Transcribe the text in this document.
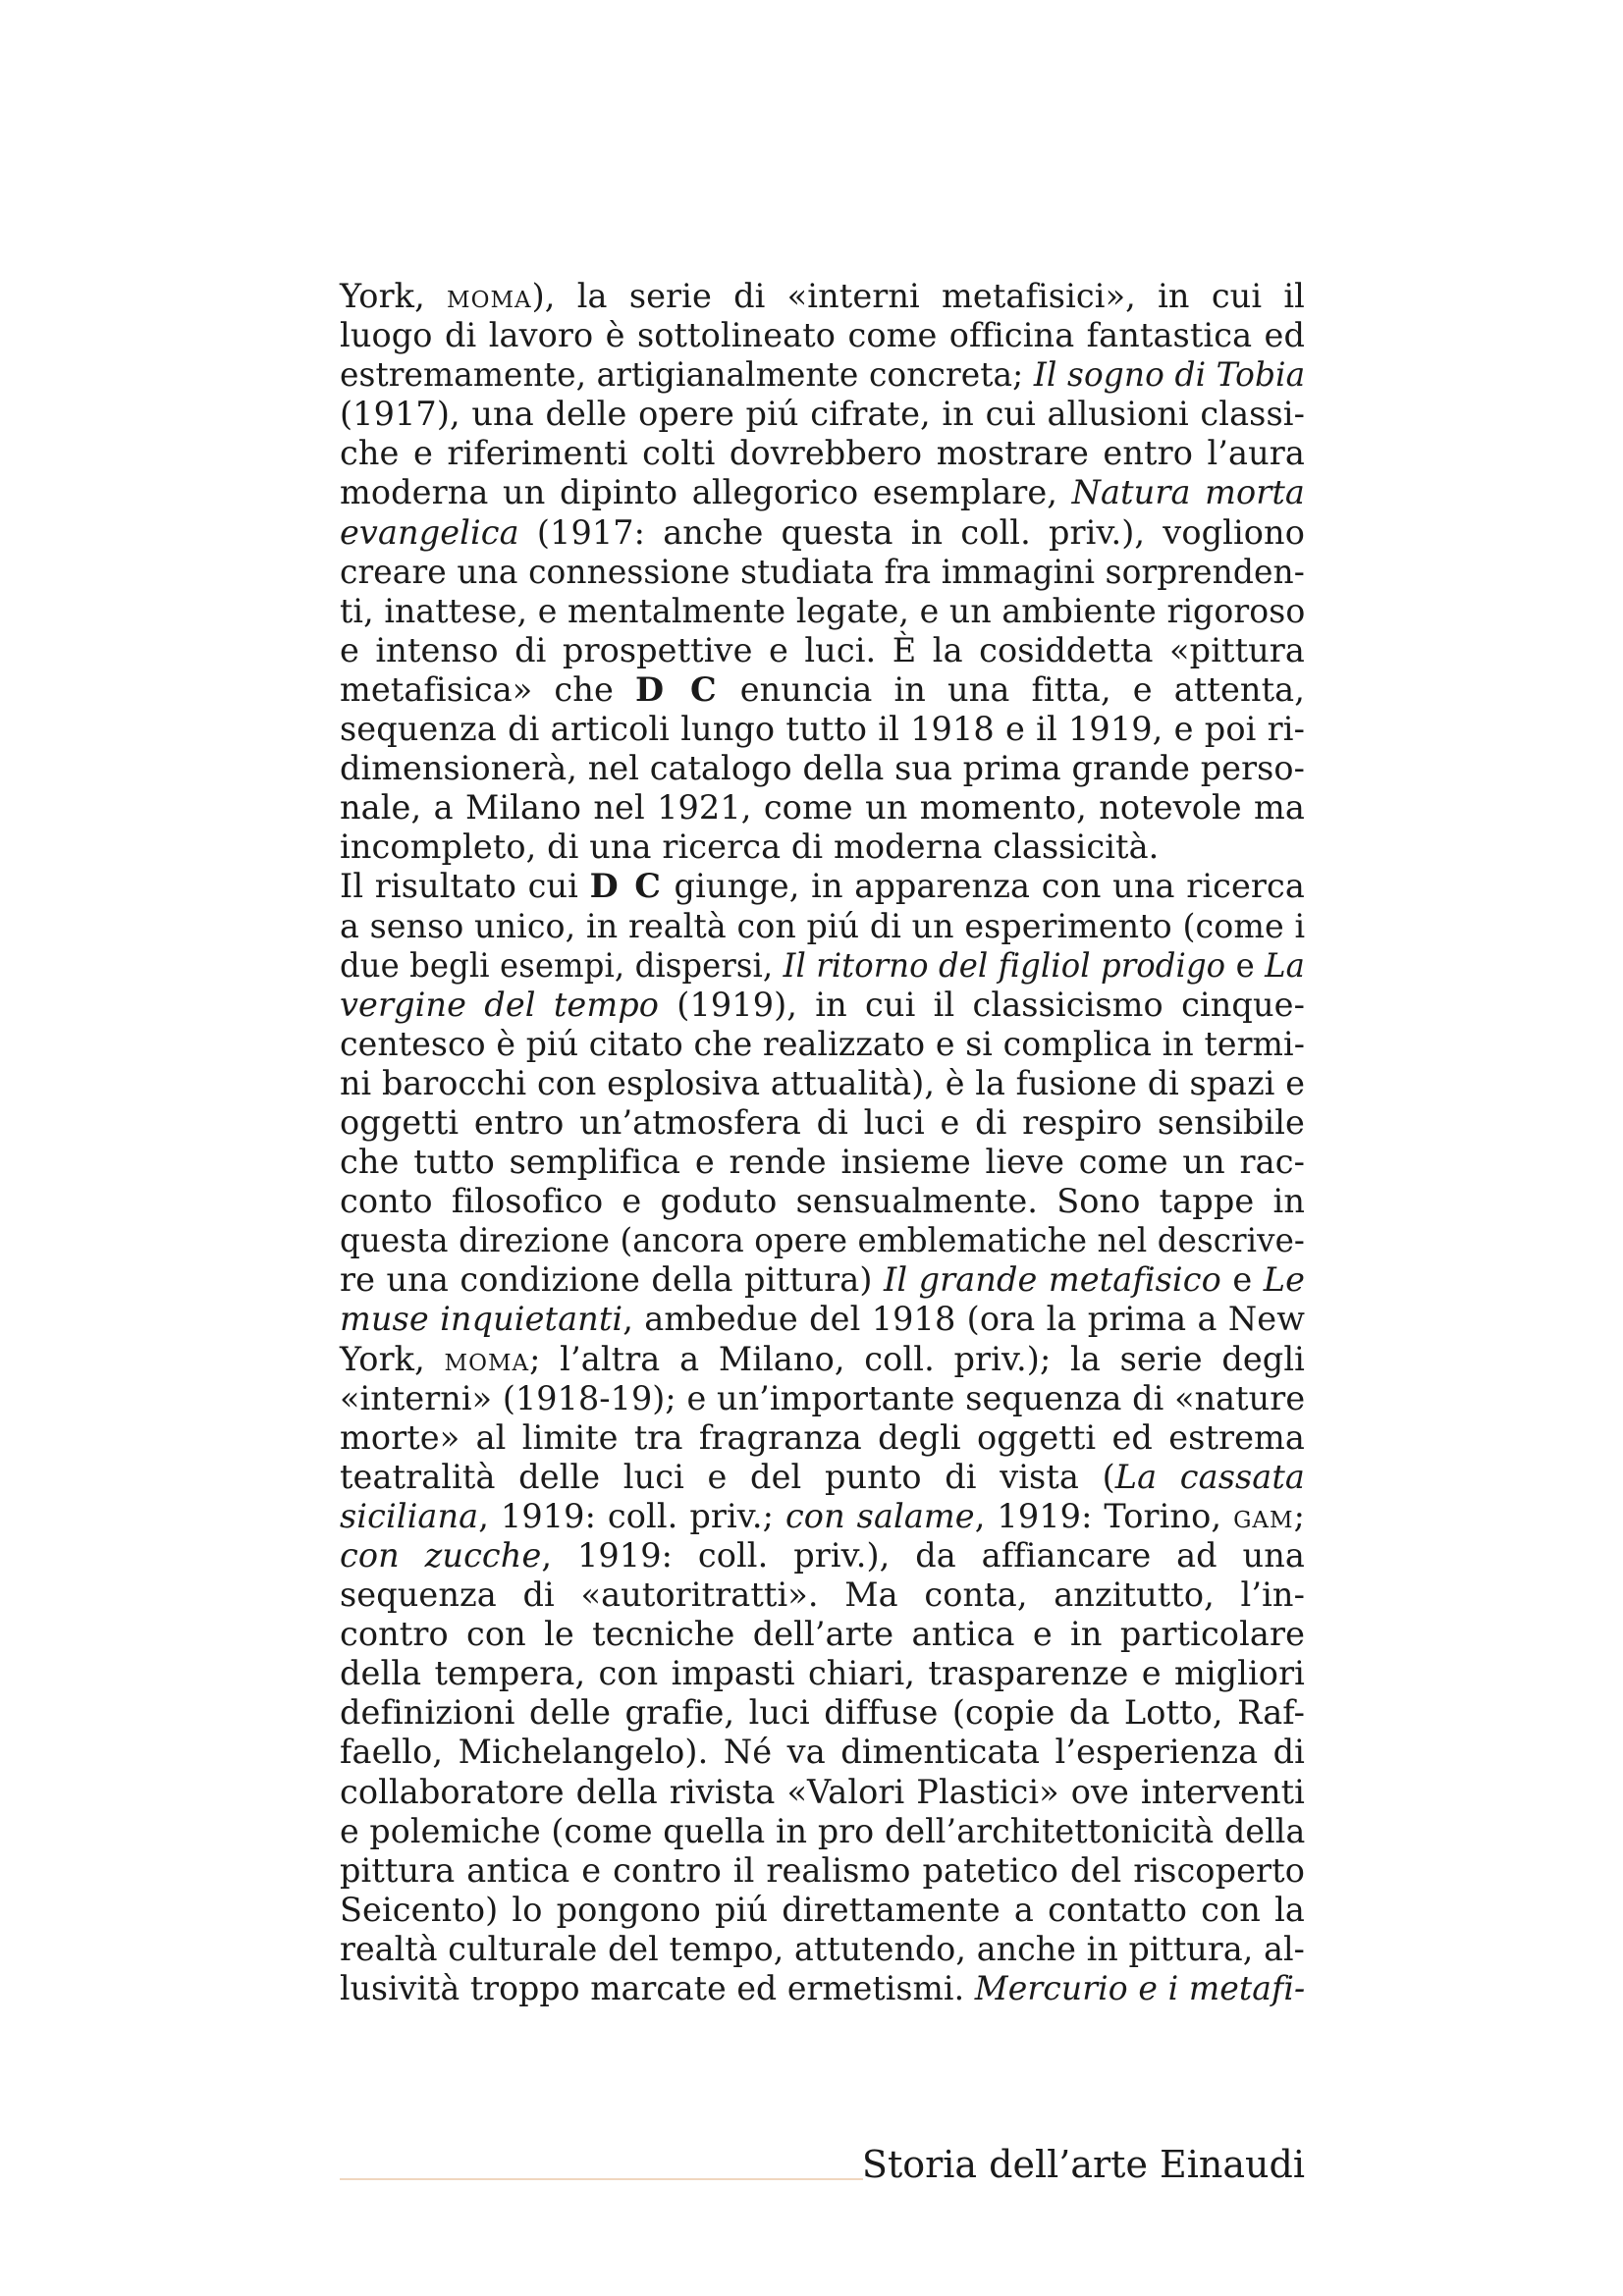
York, moma), la serie di «interni metafisici», in cui il
luogo di lavoro è sottolineato come officina fantastica ed
estremamente, artigianalmente concreta; Il sogno di Tobia
(1917), una delle opere piú cifrate, in cui allusioni classi-
che e riferimenti colti dovrebbero mostrare entro l’aura
moderna un dipinto allegorico esemplare, Natura morta
evangelica (1917: anche questa in coll. priv.), vogliono
creare una connessione studiata fra immagini sorprenden-ti, inattese, e mentalmente legate, e un ambiente rigoroso
e intenso di prospettive e luci. È la cosiddetta «pittura
metafisica» che D C enuncia in una fitta, e attenta,
sequenza di articoli lungo tutto il 1918 e il 1919, e poi ri-
dimensionerà, nel catalogo della sua prima grande perso-
nale, a Milano nel 1921, come un momento, notevole ma
incompleto, di una ricerca di moderna classicità.
Il risultato cui D C giunge, in apparenza con una ricerca
a senso unico, in realtà con piú di un esperimento (come idue begli esempi, dispersi, Il ritorno del figliol prodigo e La
vergine del tempo (1919), in cui il classicismo cinque-
centesco è piú citato che realizzato e si complica in termi-ni barocchi con esplosiva attualità), è la fusione di spazi e
oggetti entro un’atmosfera di luci e di respiro sensibile
che tutto semplifica e rende insieme lieve come un rac-
conto filosofico e goduto sensualmente. Sono tappe in
questa direzione (ancora opere emblematiche nel descrive-
re una condizione della pittura) Il grande metafisico e Le
muse inquietanti, ambedue del 1918 (ora la prima a New
York, moma; l’altra a Milano, coll. priv.); la serie degli
«interni» (1918-19); e un’importante sequenza di «nature
morte» al limite tra fragranza degli oggetti ed estrema
teatralità delle luci e del punto di vista (La cassata
siciliana, 1919: coll. priv.; con salame, 1919: Torino, gam;
con zucche, 1919: coll. priv.), da affiancare ad una
sequenza di «autoritratti». Ma conta, anzitutto, l’in-
contro con le tecniche dell’arte antica e in particolare
della tempera, con impasti chiari, trasparenze e migliori
definizioni delle grafie, luci diffuse (copie da Lotto, Raf-
faello, Michelangelo). Né va dimenticata l’esperienza di
collaboratore della rivista «Valori Plastici» ove interventi
e polemiche (come quella in pro dell’architettonicità della
pittura antica e contro il realismo patetico del riscoperto
Seicento) lo pongono piú direttamente a contatto con la
realtà culturale del tempo, attutendo, anche in pittura, al-lusività troppo marcate ed ermetismi. Mercurio e i metafi-
Storia dell’arte Einaudi
